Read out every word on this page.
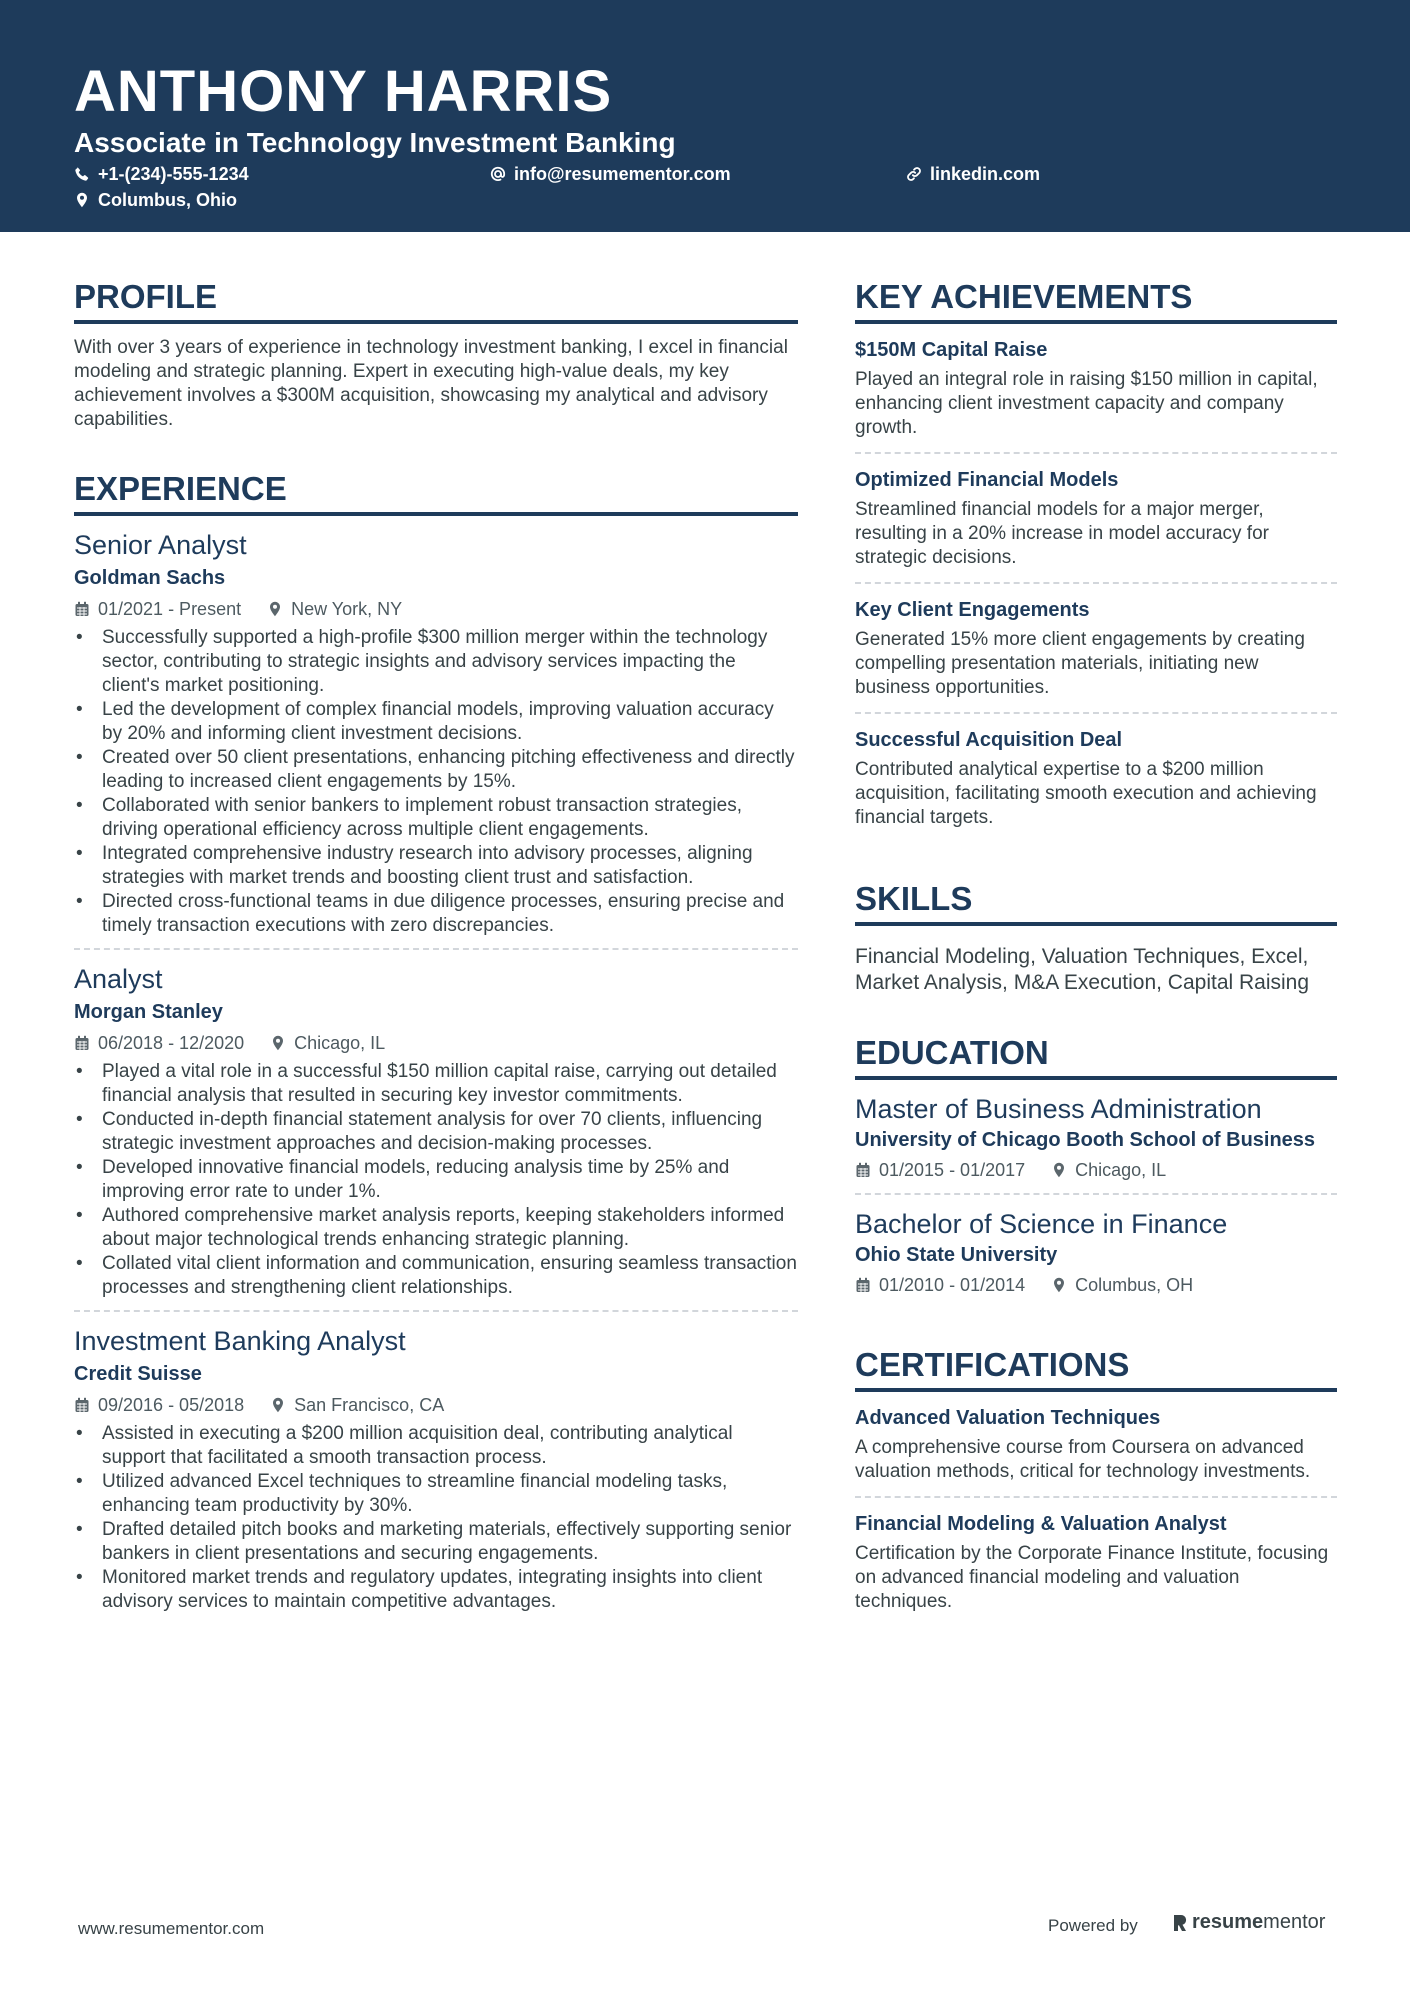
ANTHONY HARRIS
Associate in Technology Investment Banking
+1-(234)-555-1234	info@resumementor.com	linkedin.com
Columbus, Ohio
PROFILE
With over 3 years of experience in technology investment banking, I excel in financial modeling and strategic planning. Expert in executing high-value deals, my key achievement involves a $300M acquisition, showcasing my analytical and advisory capabilities.
EXPERIENCE
Senior Analyst
Goldman Sachs
01/2021 - Present	New York, NY
• Successfully supported a high-profile $300 million merger within the technology sector, contributing to strategic insights and advisory services impacting the client's market positioning.
• Led the development of complex financial models, improving valuation accuracy by 20% and informing client investment decisions.
• Created over 50 client presentations, enhancing pitching effectiveness and directly leading to increased client engagements by 15%.
• Collaborated with senior bankers to implement robust transaction strategies, driving operational efficiency across multiple client engagements.
• Integrated comprehensive industry research into advisory processes, aligning strategies with market trends and boosting client trust and satisfaction.
• Directed cross-functional teams in due diligence processes, ensuring precise and timely transaction executions with zero discrepancies.
Analyst
Morgan Stanley
06/2018 - 12/2020	Chicago, IL
• Played a vital role in a successful $150 million capital raise, carrying out detailed financial analysis that resulted in securing key investor commitments.
• Conducted in-depth financial statement analysis for over 70 clients, influencing strategic investment approaches and decision-making processes.
• Developed innovative financial models, reducing analysis time by 25% and improving error rate to under 1%.
• Authored comprehensive market analysis reports, keeping stakeholders informed about major technological trends enhancing strategic planning.
• Collated vital client information and communication, ensuring seamless transaction processes and strengthening client relationships.
Investment Banking Analyst
Credit Suisse
09/2016 - 05/2018	San Francisco, CA
• Assisted in executing a $200 million acquisition deal, contributing analytical support that facilitated a smooth transaction process.
• Utilized advanced Excel techniques to streamline financial modeling tasks, enhancing team productivity by 30%.
• Drafted detailed pitch books and marketing materials, effectively supporting senior bankers in client presentations and securing engagements.
• Monitored market trends and regulatory updates, integrating insights into client advisory services to maintain competitive advantages.
KEY ACHIEVEMENTS
$150M Capital Raise
Played an integral role in raising $150 million in capital, enhancing client investment capacity and company growth.
Optimized Financial Models
Streamlined financial models for a major merger, resulting in a 20% increase in model accuracy for strategic decisions.
Key Client Engagements
Generated 15% more client engagements by creating compelling presentation materials, initiating new business opportunities.
Successful Acquisition Deal
Contributed analytical expertise to a $200 million acquisition, facilitating smooth execution and achieving financial targets.
SKILLS
Financial Modeling, Valuation Techniques, Excel, Market Analysis, M&A Execution, Capital Raising
EDUCATION
Master of Business Administration
University of Chicago Booth School of Business
01/2015 - 01/2017	Chicago, IL
Bachelor of Science in Finance
Ohio State University
01/2010 - 01/2014	Columbus, OH
CERTIFICATIONS
Advanced Valuation Techniques
A comprehensive course from Coursera on advanced valuation methods, critical for technology investments.
Financial Modeling & Valuation Analyst
Certification by the Corporate Finance Institute, focusing on advanced financial modeling and valuation techniques.
www.resumementor.com	Powered by	resume mentor
